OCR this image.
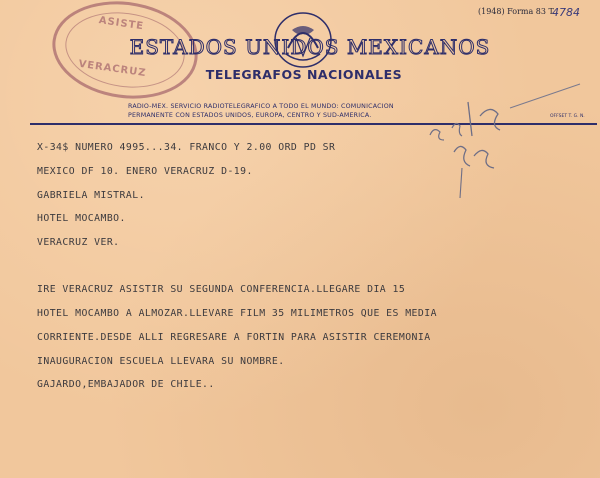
ASISTE
VERACRUZ
(1948) Forma 83 T.
4784
ESTADOS UNIDOS MEXICANOS
TELEGRAFOS NACIONALES
RADIO-MEX. SERVICIO RADIOTELEGRAFICO A TODO EL MUNDO: COMUNICACION
PERMANENTE CON ESTADOS UNIDOS, EUROPA, CENTRO Y SUD-AMERICA.	OFFSET T. G. N.
X-34$ NUMERO 4995...34. FRANCO Y 2.00 ORD PD SR
MEXICO DF 10. ENERO VERACRUZ D-19.
GABRIELA MISTRAL.
HOTEL MOCAMBO.
VERACRUZ VER.
IRE VERACRUZ ASISTIR SU SEGUNDA CONFERENCIA.LLEGARE DIA 15
HOTEL MOCAMBO A ALMOZAR.LLEVARE FILM 35 MILIMETROS QUE ES MEDIA
CORRIENTE.DESDE ALLI REGRESARE A FORTIN PARA ASISTIR CEREMONIA
INAUGURACION ESCUELA LLEVARA SU NOMBRE.
GAJARDO,EMBAJADOR DE CHILE..
